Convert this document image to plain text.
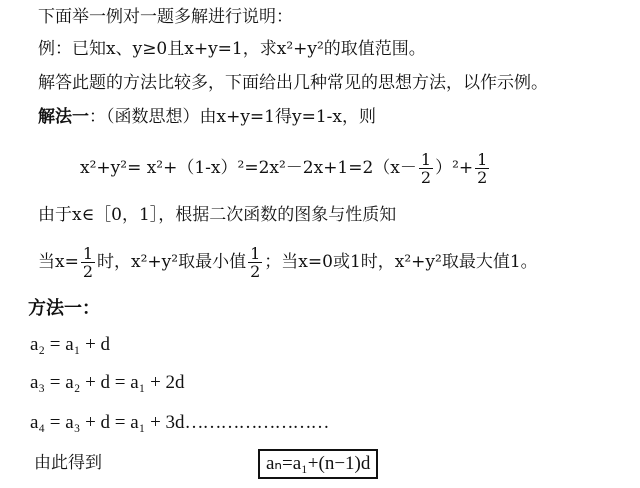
下面举一例对一题多解进行说明：
例：已知x、y≥0且x+y=1，求x²+y²的取值范围。
解答此题的方法比较多，下面给出几种常见的思想方法，以作示例。
解法一：（函数思想）由x+y=1得y=1-x，则
$x^2+y^2= x^2+(1-x)^2=2x^2-2x+1=2(x- \frac{1}{2} )^2+ \frac{1}{2}$
由于x∈［0，1］，根据二次函数的图象与性质知
当$x= \frac{1}{2}$ 时，x²+y²取最小值 $\frac{1}{2}$ ；当x=0或1时，x²+y²取最大值1。
方法一：
a₂ = a₁ + d
a₃ = a₂ + d = a₁ + 2d
a₄ = a₃ + d = a₁ + 3d……………………
由此得到	aₙ=a₁+(n−1)d
